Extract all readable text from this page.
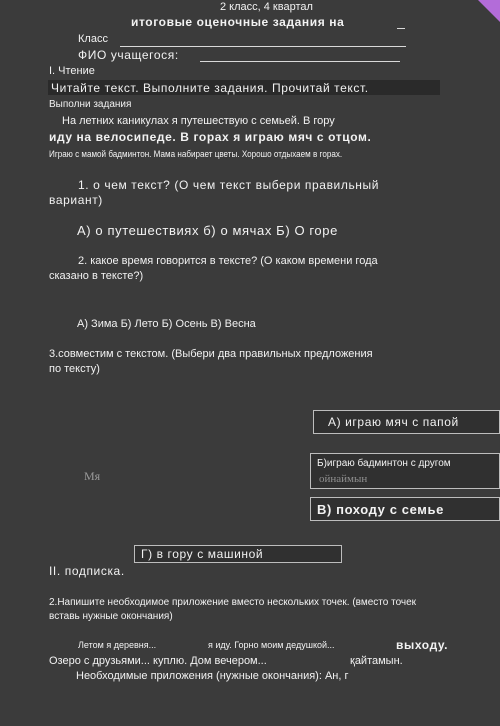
2 класс, 4 квартал
итоговые оценочные задания на
Класс
ФИО учащегося:
I. Чтение
Читайте текст. Выполните задания. Прочитай текст.
Выполни задания
На летних каникулах я путешествую с семьей. В гору
иду на велосипеде. В горах я играю мяч с отцом.
Играю с мамой бадминтон. Мама набирает цветы. Хорошо отдыхаем в горах.
1. о чем текст? (О чем текст выбери правильный
вариант)
А) о путешествиях б) о мячах Б) О горе
2. какое время говорится в тексте? (О каком времени года
сказано в тексте?)
А) Зима Б) Лето Б) Осень В) Весна
3.совместим с текстом. (Выбери два правильных предложения
по тексту)
А) играю мяч с папой
Мя
Б)играю бадминтон с другом
ойнаймын
В) походу с семье
Г) в гору с машиной
II. подписка.
2.Напишите необходимое приложение вместо нескольких точек. (вместо точек
вставь нужные окончания)
Летом я деревня...	я иду. Горно моим дедушкой...	выходу.
Озеро с друзьями... куплю. Дом вечером...	қайтамын.
Необходимые приложения (нужные окончания): Ан, г
